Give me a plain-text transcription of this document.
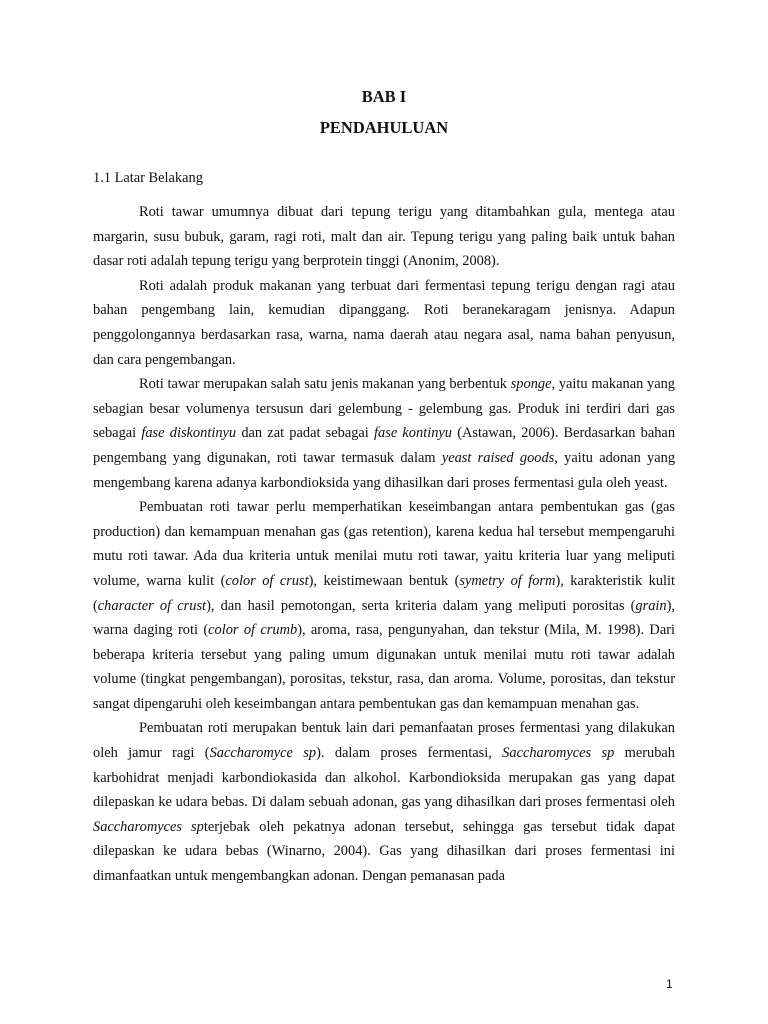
BAB I
PENDAHULUAN
1.1 Latar Belakang

Roti tawar umumnya dibuat dari tepung terigu yang ditambahkan gula, mentega atau margarin, susu bubuk, garam, ragi roti, malt dan air. Tepung terigu yang paling baik untuk bahan dasar roti adalah tepung terigu yang berprotein tinggi (Anonim, 2008).

Roti adalah produk makanan yang terbuat dari fermentasi tepung terigu dengan ragi atau bahan pengembang lain, kemudian dipanggang. Roti beranekaragam jenisnya. Adapun penggolongannya berdasarkan rasa, warna, nama daerah atau negara asal, nama bahan penyusun, dan cara pengembangan.

Roti tawar merupakan salah satu jenis makanan yang berbentuk sponge, yaitu makanan yang sebagian besar volumenya tersusun dari gelembung - gelembung gas. Produk ini terdiri dari gas sebagai fase diskontinyu dan zat padat sebagai fase kontinyu (Astawan, 2006). Berdasarkan bahan pengembang yang digunakan, roti tawar termasuk dalam yeast raised goods, yaitu adonan yang mengembang karena adanya karbondioksida yang dihasilkan dari proses fermentasi gula oleh yeast.

Pembuatan roti tawar perlu memperhatikan keseimbangan antara pembentukan gas (gas production) dan kemampuan menahan gas (gas retention), karena kedua hal tersebut mempengaruhi mutu roti tawar. Ada dua kriteria untuk menilai mutu roti tawar, yaitu kriteria luar yang meliputi volume, warna kulit (color of crust), keistimewaan bentuk (symetry of form), karakteristik kulit (character of crust), dan hasil pemotongan, serta kriteria dalam yang meliputi porositas (grain), warna daging roti (color of crumb), aroma, rasa, pengunyahan, dan tekstur (Mila, M. 1998). Dari beberapa kriteria tersebut yang paling umum digunakan untuk menilai mutu roti tawar adalah volume (tingkat pengembangan), porositas, tekstur, rasa, dan aroma. Volume, porositas, dan tekstur sangat dipengaruhi oleh keseimbangan antara pembentukan gas dan kemampuan menahan gas.

Pembuatan roti merupakan bentuk lain dari pemanfaatan proses fermentasi yang dilakukan oleh jamur ragi (Saccharomyce sp). dalam proses fermentasi, Saccharomyces sp merubah karbohidrat menjadi karbondiokasida dan alkohol. Karbondioksida merupakan gas yang dapat dilepaskan ke udara bebas. Di dalam sebuah adonan, gas yang dihasilkan dari proses fermentasi oleh Saccharomyces spterjebak oleh pekatnya adonan tersebut, sehingga gas tersebut tidak dapat dilepaskan ke udara bebas (Winarno, 2004). Gas yang dihasilkan dari proses fermentasi ini dimanfaatkan untuk mengembangkan adonan. Dengan pemanasan pada

1
